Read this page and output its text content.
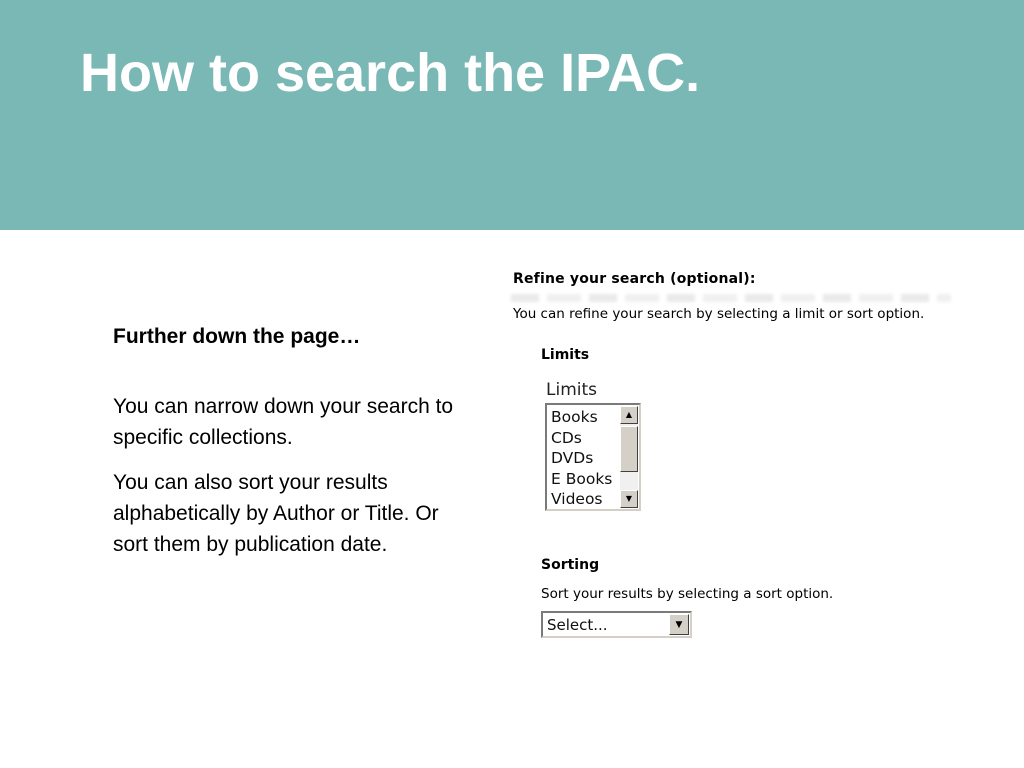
How to search the IPAC.
Further down the page…
You can narrow down your search to specific collections.
You can also sort your results alphabetically by Author or Title. Or sort them by publication date.
Refine your search (optional):
You can refine your search by selecting a limit or sort option.
Limits
Limits
Books
CDs
DVDs
E Books
Videos
▲
▼
Sorting
Sort your results by selecting a sort option.
Select...	▼
